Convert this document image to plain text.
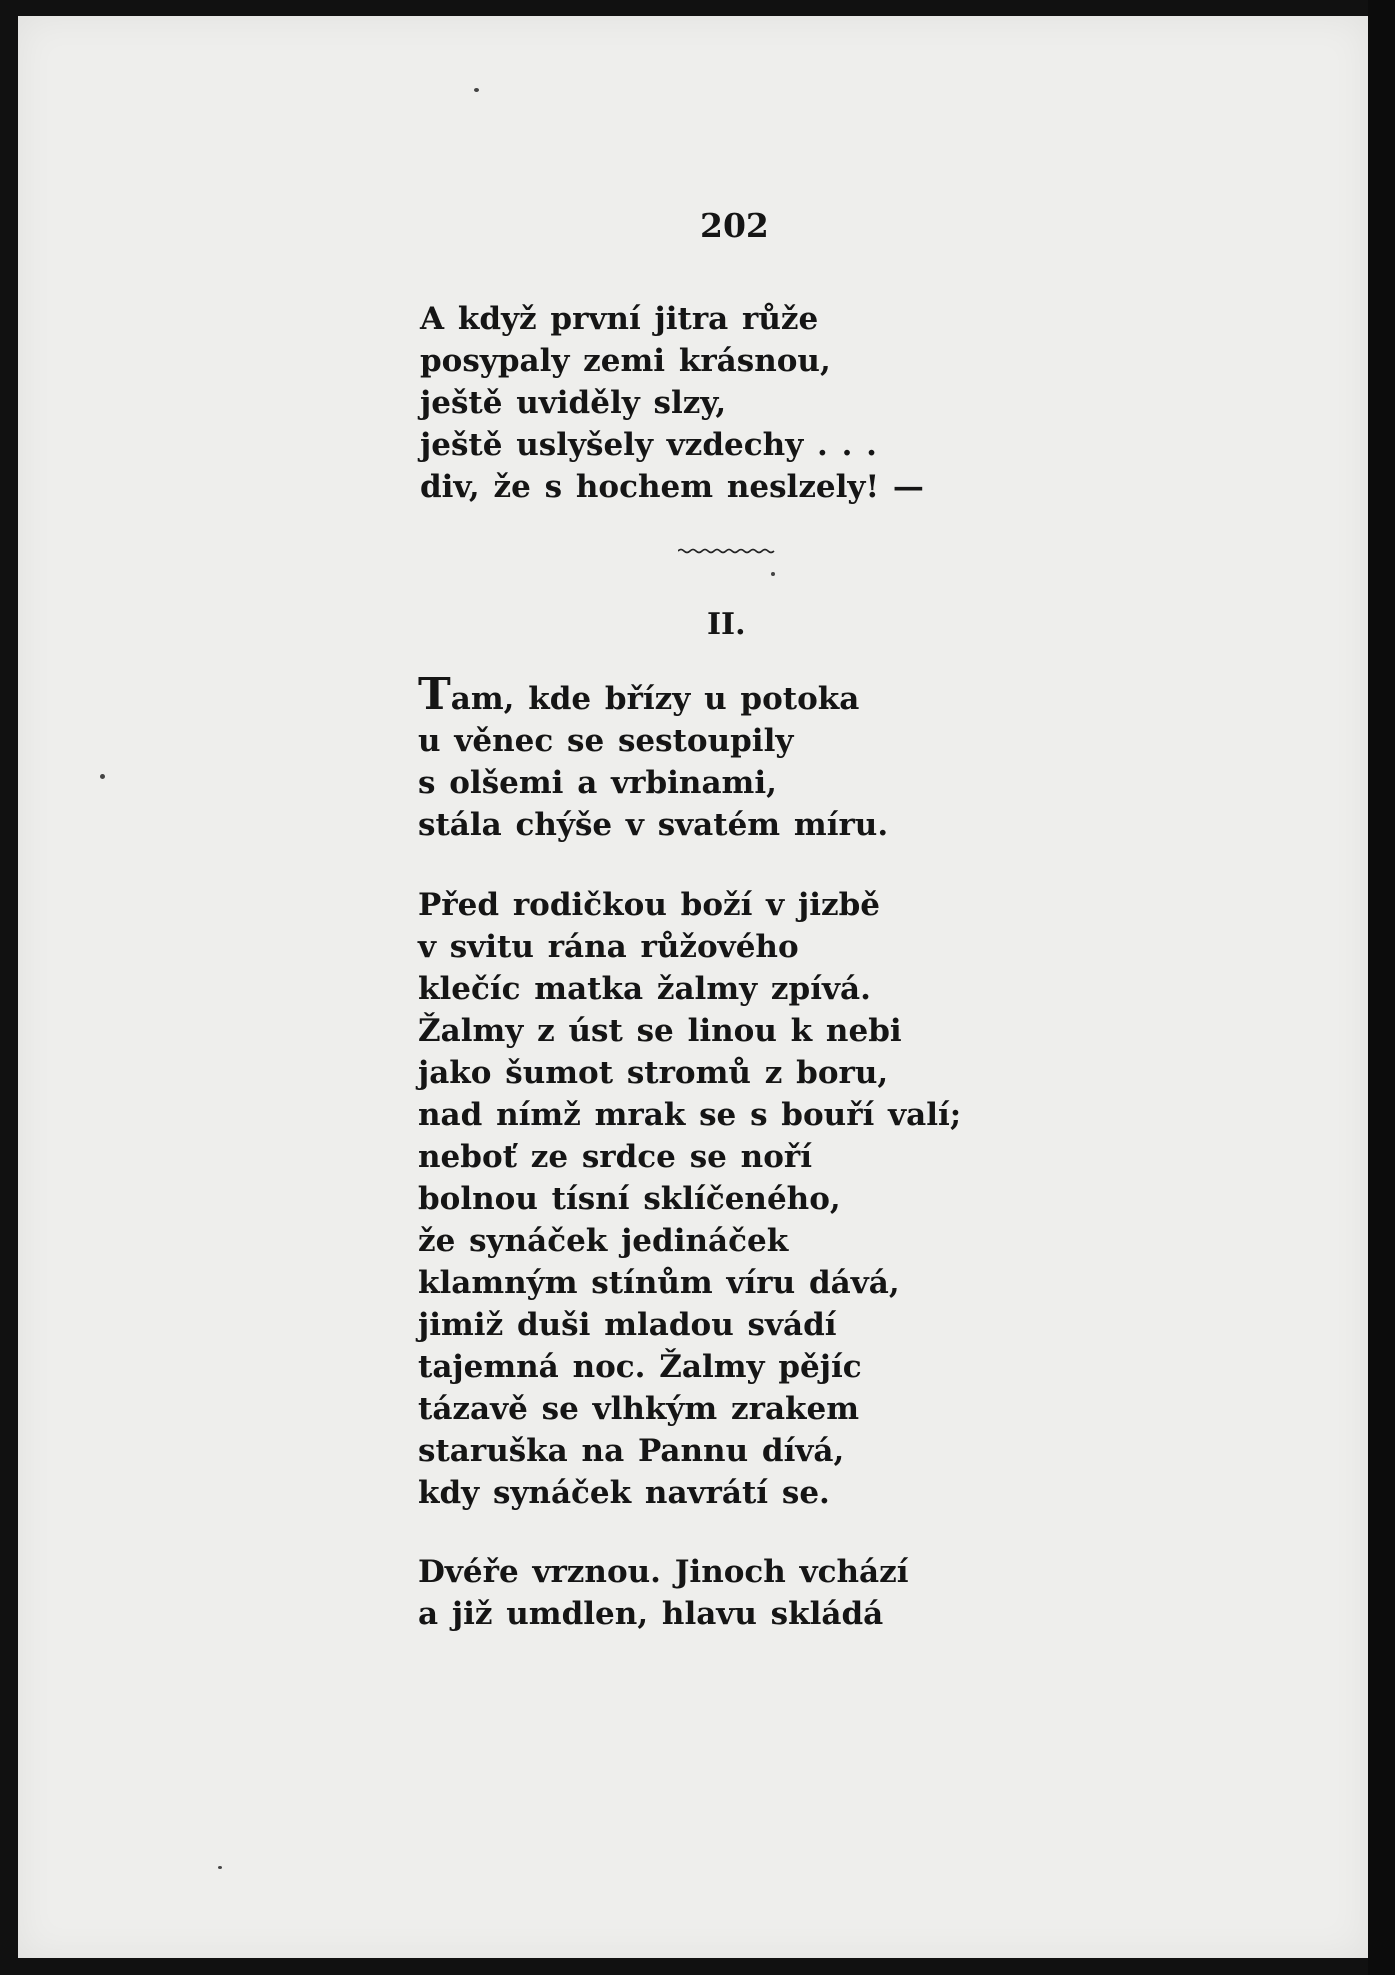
202
A když první jitra růže
posypaly zemi krásnou,
ještě uviděly slzy,
ještě uslyšely vzdechy . . .
div, že s hochem neslzely! —
II.
Tam, kde břízy u potoka
u věnec se sestoupily
s olšemi a vrbinami,
stála chýše v svatém míru.
Před rodičkou boží v jizbě
v svitu rána růžového
klečíc matka žalmy zpívá.
Žalmy z úst se linou k nebi
jako šumot stromů z boru,
nad nímž mrak se s bouří valí;
neboť ze srdce se noří
bolnou tísní sklíčeného,
že synáček jedináček
klamným stínům víru dává,
jimiž duši mladou svádí
tajemná noc. Žalmy pějíc
tázavě se vlhkým zrakem
staruška na Pannu dívá,
kdy synáček navrátí se.
Dvéře vrznou. Jinoch vchází
a již umdlen, hlavu skládá
